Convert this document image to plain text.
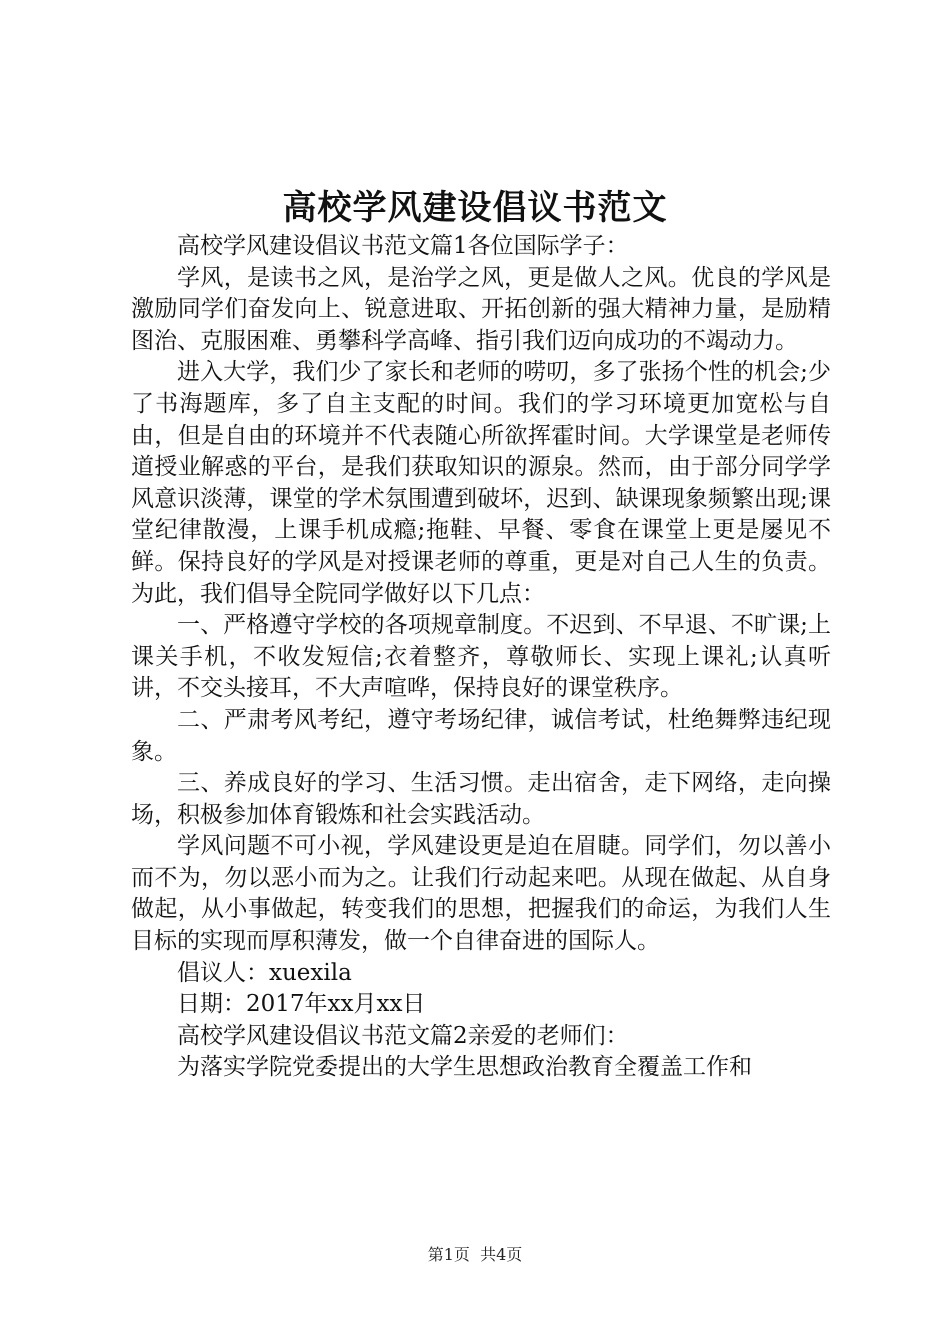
高校学风建设倡议书范文

高校学风建设倡议书范文篇1各位国际学子：

学风，是读书之风，是治学之风，更是做人之风。优良的学风是激励同学们奋发向上、锐意进取、开拓创新的强大精神力量，是励精图治、克服困难、勇攀科学高峰、指引我们迈向成功的不竭动力。

进入大学，我们少了家长和老师的唠叨，多了张扬个性的机会;少了书海题库，多了自主支配的时间。我们的学习环境更加宽松与自由，但是自由的环境并不代表随心所欲挥霍时间。大学课堂是老师传道授业解惑的平台，是我们获取知识的源泉。然而，由于部分同学学风意识淡薄，课堂的学术氛围遭到破坏，迟到、缺课现象频繁出现;课堂纪律散漫，上课手机成瘾;拖鞋、早餐、零食在课堂上更是屡见不鲜。保持良好的学风是对授课老师的尊重，更是对自己人生的负责。为此，我们倡导全院同学做好以下几点：

一、严格遵守学校的各项规章制度。不迟到、不早退、不旷课;上课关手机，不收发短信;衣着整齐，尊敬师长、实现上课礼;认真听讲，不交头接耳，不大声喧哗，保持良好的课堂秩序。

二、严肃考风考纪，遵守考场纪律，诚信考试，杜绝舞弊违纪现象。

三、养成良好的学习、生活习惯。走出宿舍，走下网络，走向操场，积极参加体育锻炼和社会实践活动。

学风问题不可小视，学风建设更是迫在眉睫。同学们，勿以善小而不为，勿以恶小而为之。让我们行动起来吧。从现在做起、从自身做起，从小事做起，转变我们的思想，把握我们的命运，为我们人生目标的实现而厚积薄发，做一个自律奋进的国际人。

倡议人：xuexila

日期：2017年xx月xx日

高校学风建设倡议书范文篇2亲爱的老师们：

为落实学院党委提出的大学生思想政治教育全覆盖工作和

第1页 共4页
